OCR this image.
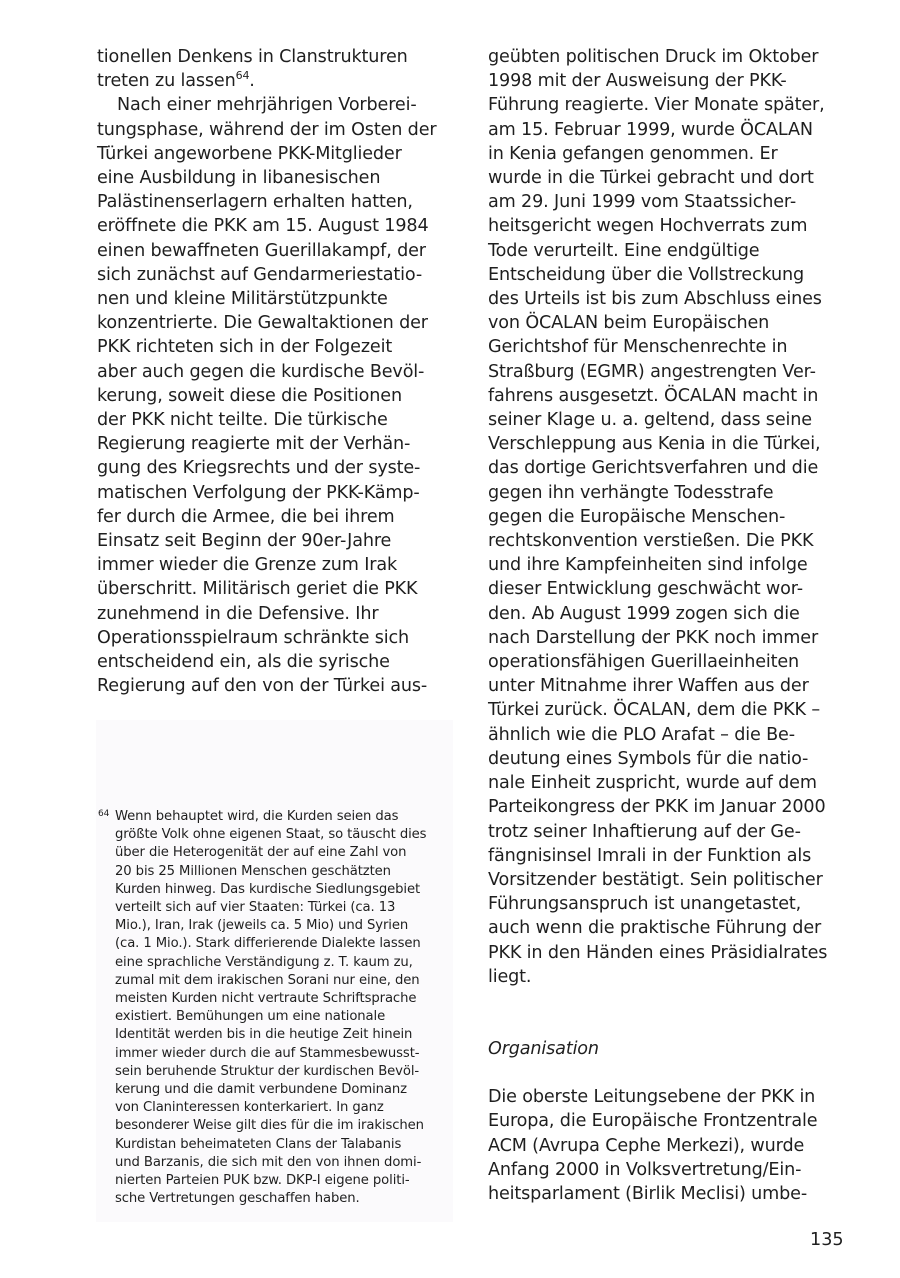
tionellen Denkens in Clanstrukturen
treten zu lassen$^{64}$.
Nach einer mehrjährigen Vorberei-
tungsphase, während der im Osten der
Türkei angeworbene PKK-Mitglieder
eine Ausbildung in libanesischen
Palästinenserlagern erhalten hatten,
eröffnete die PKK am 15. August 1984
einen bewaffneten Guerillakampf, der
sich zunächst auf Gendarmeriestatio-
nen und kleine Militärstützpunkte
konzentrierte. Die Gewaltaktionen der
PKK richteten sich in der Folgezeit
aber auch gegen die kurdische Bevöl-
kerung, soweit diese die Positionen
der PKK nicht teilte. Die türkische
Regierung reagierte mit der Verhän-
gung des Kriegsrechts und der syste-
matischen Verfolgung der PKK-Kämp-
fer durch die Armee, die bei ihrem
Einsatz seit Beginn der 90er-Jahre
immer wieder die Grenze zum Irak
überschritt. Militärisch geriet die PKK
zunehmend in die Defensive. Ihr
Operationsspielraum schränkte sich
entscheidend ein, als die syrische
Regierung auf den von der Türkei aus-
64 Wenn behauptet wird, die Kurden seien das
größte Volk ohne eigenen Staat, so täuscht dies
über die Heterogenität der auf eine Zahl von
20 bis 25 Millionen Menschen geschätzten
Kurden hinweg. Das kurdische Siedlungsgebiet
verteilt sich auf vier Staaten: Türkei (ca. 13
Mio.), Iran, Irak (jeweils ca. 5 Mio) und Syrien
(ca. 1 Mio.). Stark differierende Dialekte lassen
eine sprachliche Verständigung z. T. kaum zu,
zumal mit dem irakischen Sorani nur eine, den
meisten Kurden nicht vertraute Schriftsprache
existiert. Bemühungen um eine nationale
Identität werden bis in die heutige Zeit hinein
immer wieder durch die auf Stammesbewusst-
sein beruhende Struktur der kurdischen Bevöl-
kerung und die damit verbundene Dominanz
von Claninteressen konterkariert. In ganz
besonderer Weise gilt dies für die im irakischen
Kurdistan beheimateten Clans der Talabanis
und Barzanis, die sich mit den von ihnen domi-
nierten Parteien PUK bzw. DKP-I eigene politi-
sche Vertretungen geschaffen haben.
geübten politischen Druck im Oktober
1998 mit der Ausweisung der PKK-
Führung reagierte. Vier Monate später,
am 15. Februar 1999, wurde ÖCALAN
in Kenia gefangen genommen. Er
wurde in die Türkei gebracht und dort
am 29. Juni 1999 vom Staatssicher-
heitsgericht wegen Hochverrats zum
Tode verurteilt. Eine endgültige
Entscheidung über die Vollstreckung
des Urteils ist bis zum Abschluss eines
von ÖCALAN beim Europäischen
Gerichtshof für Menschenrechte in
Straßburg (EGMR) angestrengten Ver-
fahrens ausgesetzt. ÖCALAN macht in
seiner Klage u. a. geltend, dass seine
Verschleppung aus Kenia in die Türkei,
das dortige Gerichtsverfahren und die
gegen ihn verhängte Todesstrafe
gegen die Europäische Menschen-
rechtskonvention verstießen. Die PKK
und ihre Kampfeinheiten sind infolge
dieser Entwicklung geschwächt wor-
den. Ab August 1999 zogen sich die
nach Darstellung der PKK noch immer
operationsfähigen Guerillaeinheiten
unter Mitnahme ihrer Waffen aus der
Türkei zurück. ÖCALAN, dem die PKK –
ähnlich wie die PLO Arafat – die Be-
deutung eines Symbols für die natio-
nale Einheit zuspricht, wurde auf dem
Parteikongress der PKK im Januar 2000
trotz seiner Inhaftierung auf der Ge-
fängnisinsel Imrali in der Funktion als
Vorsitzender bestätigt. Sein politischer
Führungsanspruch ist unangetastet,
auch wenn die praktische Führung der
PKK in den Händen eines Präsidialrates
liegt.
Organisation
Die oberste Leitungsebene der PKK in
Europa, die Europäische Frontzentrale
ACM (Avrupa Cephe Merkezi), wurde
Anfang 2000 in Volksvertretung/Ein-
heitsparlament (Birlik Meclisi) umbe-
135
